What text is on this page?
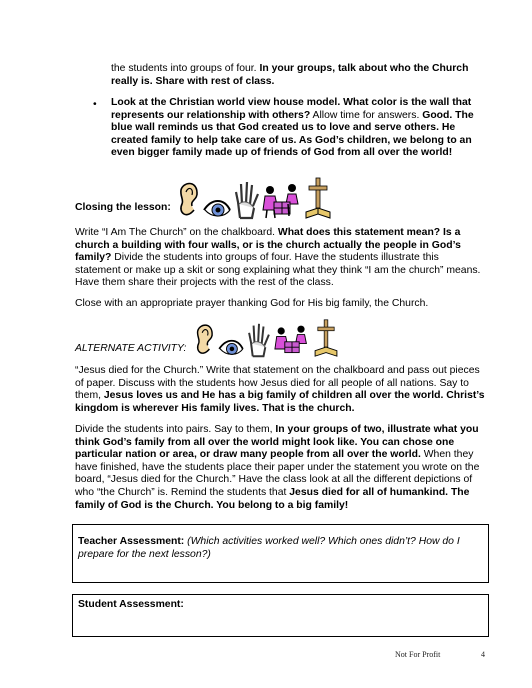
the students into groups of four. In your groups, talk about who the Church really is. Share with rest of class.

• Look at the Christian world view house model. What color is the wall that represents our relationship with others? Allow time for answers. Good. The blue wall reminds us that God created us to love and serve others. He created family to help take care of us. As God’s children, we belong to an even bigger family made up of friends of God from all over the world!

Closing the lesson:

Write “I Am The Church” on the chalkboard. What does this statement mean? Is a church a building with four walls, or is the church actually the people in God’s family? Divide the students into groups of four. Have the students illustrate this statement or make up a skit or song explaining what they think “I am the church” means. Have them share their projects with the rest of the class.

Close with an appropriate prayer thanking God for His big family, the Church.

ALTERNATE ACTIVITY:

“Jesus died for the Church.” Write that statement on the chalkboard and pass out pieces of paper. Discuss with the students how Jesus died for all people of all nations. Say to them, Jesus loves us and He has a big family of children all over the world. Christ’s kingdom is wherever His family lives. That is the church.

Divide the students into pairs. Say to them, In your groups of two, illustrate what you think God’s family from all over the world might look like. You can chose one particular nation or area, or draw many people from all over the world. When they have finished, have the students place their paper under the statement you wrote on the board, “Jesus died for the Church.” Have the class look at all the different depictions of who “the Church” is. Remind the students that Jesus died for all of humankind. The family of God is the Church. You belong to a big family!

Teacher Assessment: (Which activities worked well? Which ones didn’t? How do I prepare for the next lesson?)

Student Assessment:
Not For Profit	4
